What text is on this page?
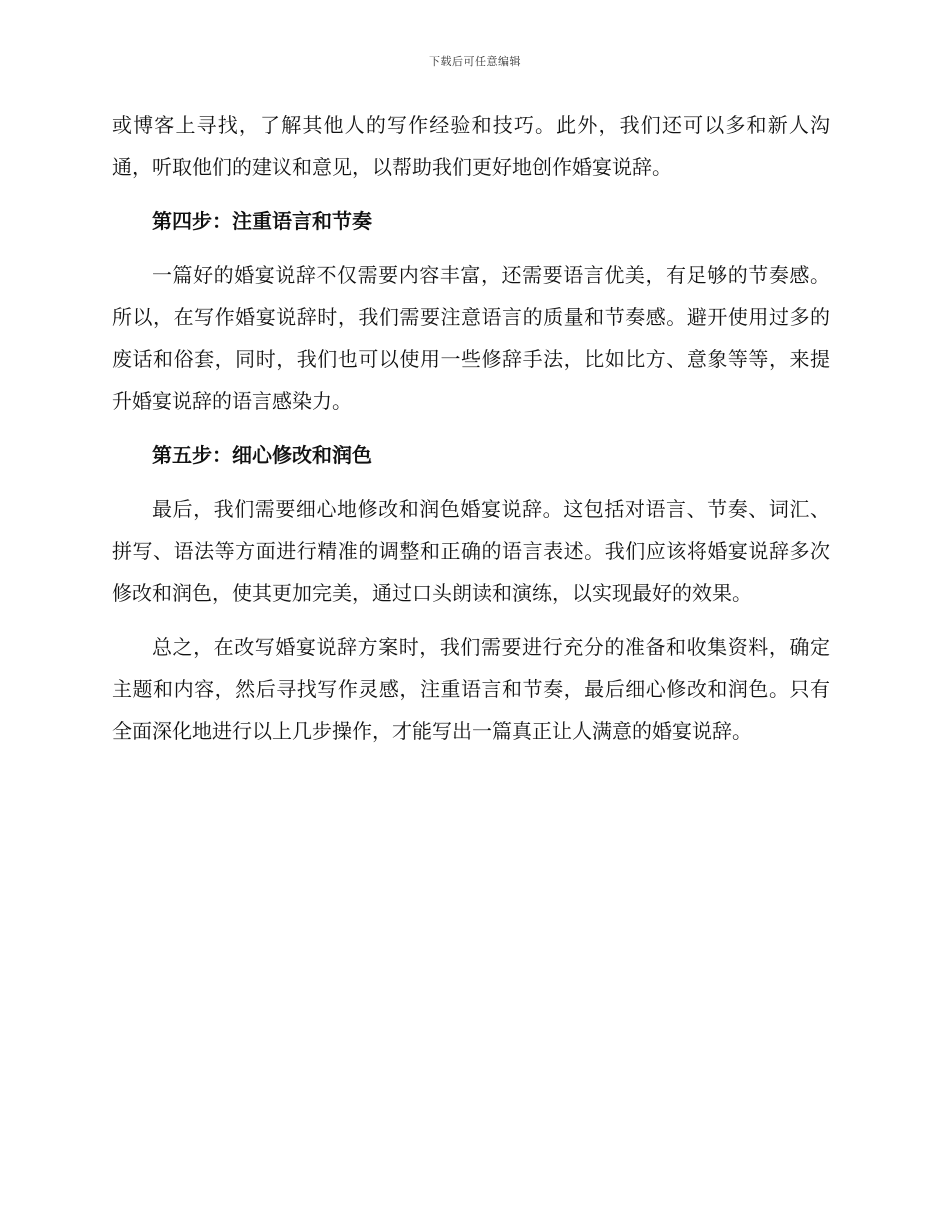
下载后可任意编辑

或博客上寻找，了解其他人的写作经验和技巧。此外，我们还可以多和新人沟通，听取他们的建议和意见，以帮助我们更好地创作婚宴说辞。

第四步：注重语言和节奏

一篇好的婚宴说辞不仅需要内容丰富，还需要语言优美，有足够的节奏感。所以，在写作婚宴说辞时，我们需要注意语言的质量和节奏感。避开使用过多的废话和俗套，同时，我们也可以使用一些修辞手法，比如比方、意象等等，来提升婚宴说辞的语言感染力。

第五步：细心修改和润色

最后，我们需要细心地修改和润色婚宴说辞。这包括对语言、节奏、词汇、拼写、语法等方面进行精准的调整和正确的语言表述。我们应该将婚宴说辞多次修改和润色，使其更加完美，通过口头朗读和演练，以实现最好的效果。

总之，在改写婚宴说辞方案时，我们需要进行充分的准备和收集资料，确定主题和内容，然后寻找写作灵感，注重语言和节奏，最后细心修改和润色。只有全面深化地进行以上几步操作，才能写出一篇真正让人满意的婚宴说辞。
